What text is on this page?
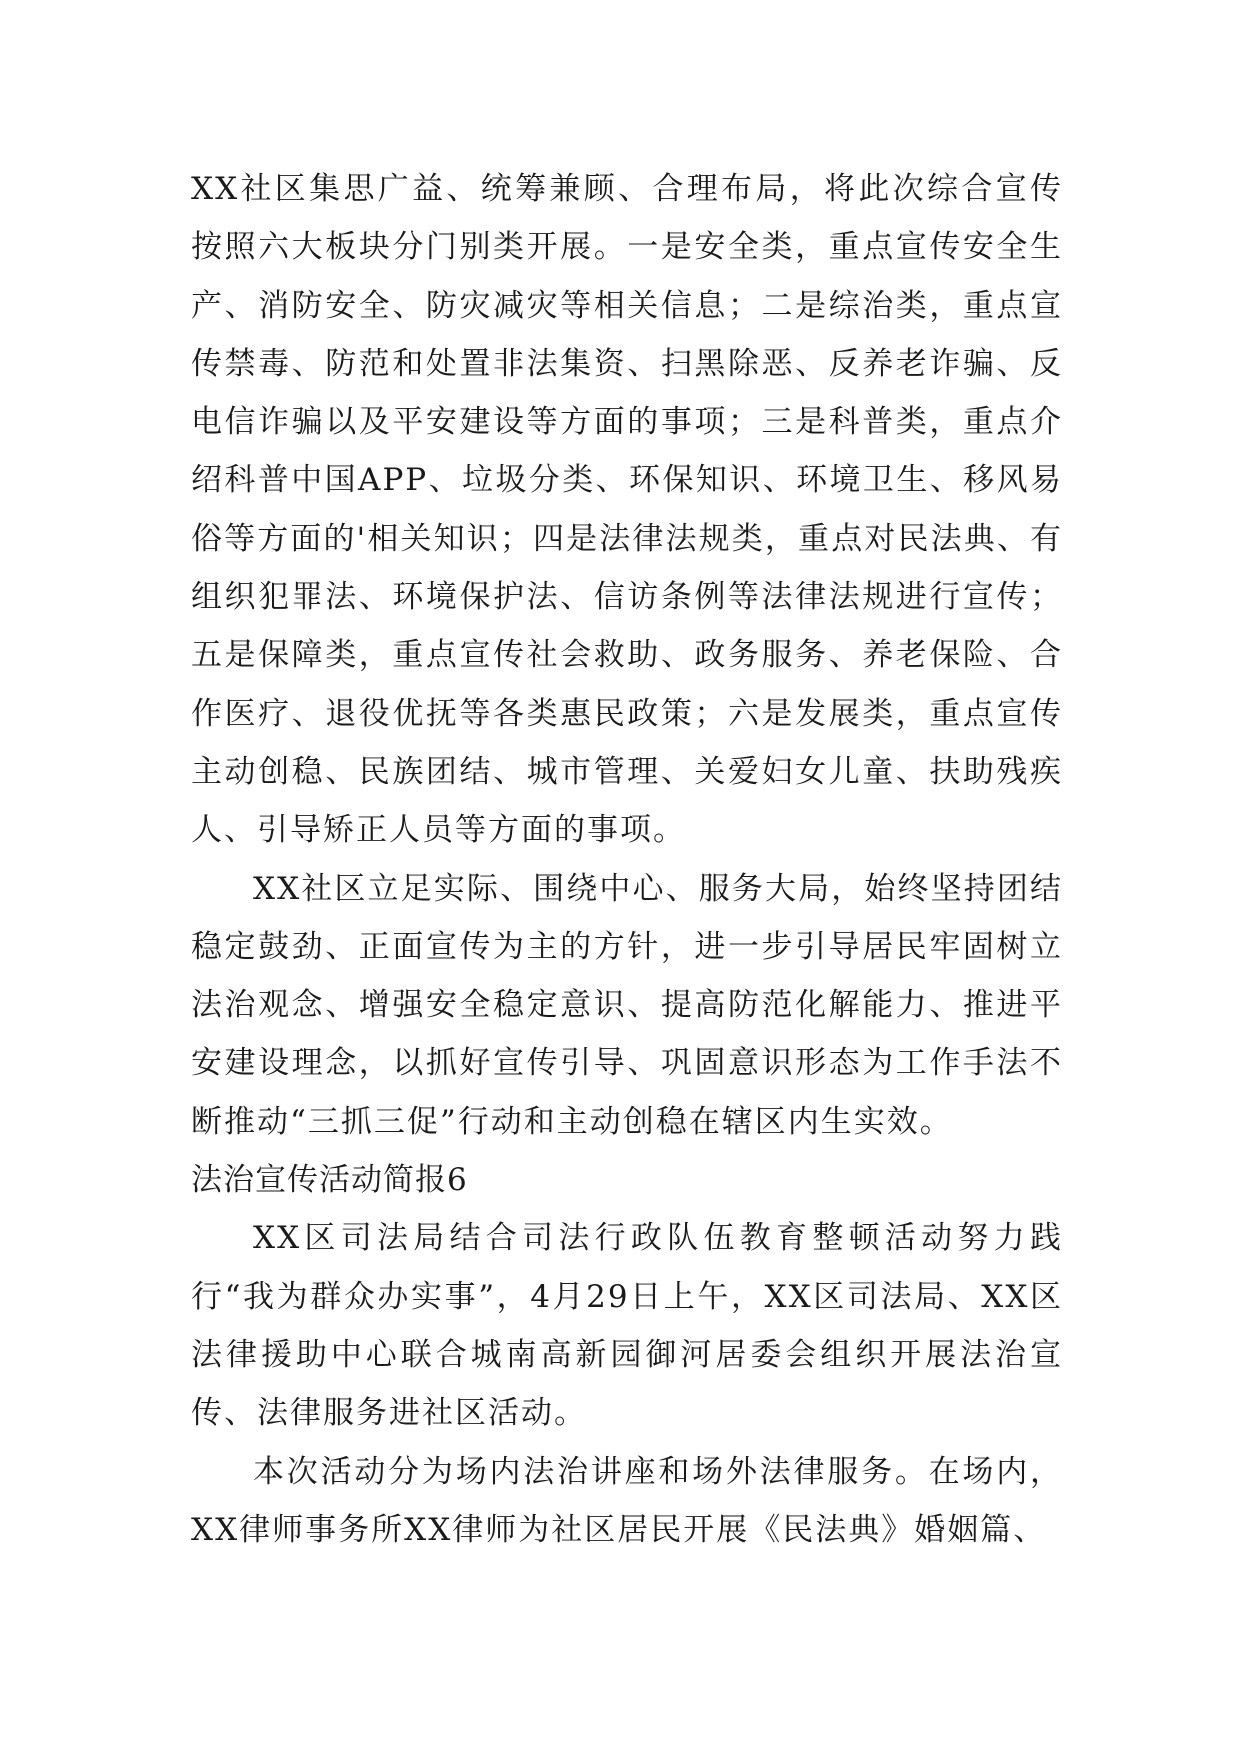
XX社区集思广益、统筹兼顾、合理布局，将此次综合宣传按照六大板块分门别类开展。一是安全类，重点宣传安全生产、消防安全、防灾减灾等相关信息；二是综治类，重点宣传禁毒、防范和处置非法集资、扫黑除恶、反养老诈骗、反电信诈骗以及平安建设等方面的事项；三是科普类，重点介绍科普中国APP、垃圾分类、环保知识、环境卫生、移风易俗等方面的'相关知识；四是法律法规类，重点对民法典、有组织犯罪法、环境保护法、信访条例等法律法规进行宣传；五是保障类，重点宣传社会救助、政务服务、养老保险、合作医疗、退役优抚等各类惠民政策；六是发展类，重点宣传主动创稳、民族团结、城市管理、关爱妇女儿童、扶助残疾人、引导矫正人员等方面的事项。

XX社区立足实际、围绕中心、服务大局，始终坚持团结稳定鼓劲、正面宣传为主的方针，进一步引导居民牢固树立法治观念、增强安全稳定意识、提高防范化解能力、推进平安建设理念，以抓好宣传引导、巩固意识形态为工作手法不断推动“三抓三促”行动和主动创稳在辖区内生实效。

法治宣传活动简报6

XX区司法局结合司法行政队伍教育整顿活动努力践行“我为群众办实事”，4月29日上午，XX区司法局、XX区法律援助中心联合城南高新园御河居委会组织开展法治宣传、法律服务进社区活动。

本次活动分为场内法治讲座和场外法律服务。在场内，XX律师事务所XX律师为社区居民开展《民法典》婚姻篇、
